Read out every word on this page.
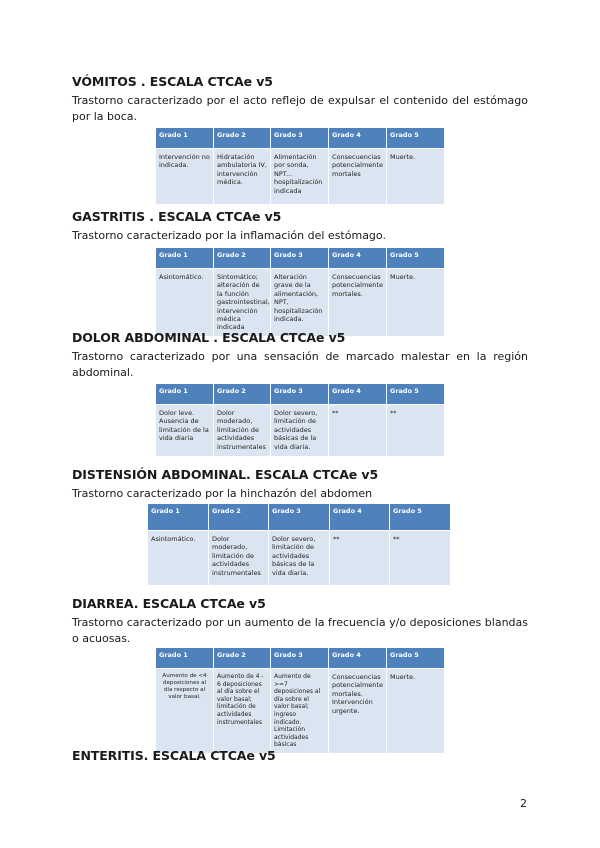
VÓMITOS . ESCALA CTCAe v5

Trastorno caracterizado por el acto reflejo de expulsar el contenido del estómago por la boca.

Grado 1	Grado 2	Grado 3	Grado 4	Grado 5
Intervención no indicada.	Hidratación ambulatoria IV, intervención médica.	Alimentación por sonda, NPT... hospitalización indicada	Consecuencias potencialmente mortales	Muerte.
GASTRITIS . ESCALA CTCAe v5

Trastorno caracterizado por la inflamación del estómago.

Grado 1	Grado 2	Grado 3	Grado 4	Grado 5
Asintomático.	Sintomático; alteración de la función gastrointestinal, intervención médica indicada	Alteración grave de la alimentación, NPT, hospitalización indicada.	Consecuencias potencialmente mortales.	Muerte.
DOLOR ABDOMINAL . ESCALA CTCAe v5

Trastorno caracterizado por una sensación de marcado malestar en la región abdominal.

Grado 1	Grado 2	Grado 3	Grado 4	Grado 5
Dolor leve. Ausencia de limitación de la vida diaria	Dolor moderado, limitación de actividades instrumentales	Dolor severo, limitación de actividades básicas de la vida diaria.	**	**
DISTENSIÓN ABDOMINAL. ESCALA CTCAe v5

Trastorno caracterizado por la hinchazón del abdomen

Grado 1	Grado 2	Grado 3	Grado 4	Grado 5
Asintomático.	Dolor moderado, limitación de actividades instrumentales	Dolor severo, limitación de actividades básicas de la vida diaria.	**	**
DIARREA. ESCALA CTCAe v5

Trastorno caracterizado por un aumento de la frecuencia y/o deposiciones blandas o acuosas.

Grado 1	Grado 2	Grado 3	Grado 4	Grado 5
Aumento de <4 deposiciones al día respecto al valor basal.	Aumento de 4 - 6 deposiciones al día sobre el valor basal; limitación de actividades instrumentales	Aumento de >=7 deposiciones al día sobre el valor basal; ingreso indicado. Limitación actividades básicas	Consecuencias potencialmente mortales. Intervención urgente.	Muerte.
ENTERITIS. ESCALA CTCAe v5
2
